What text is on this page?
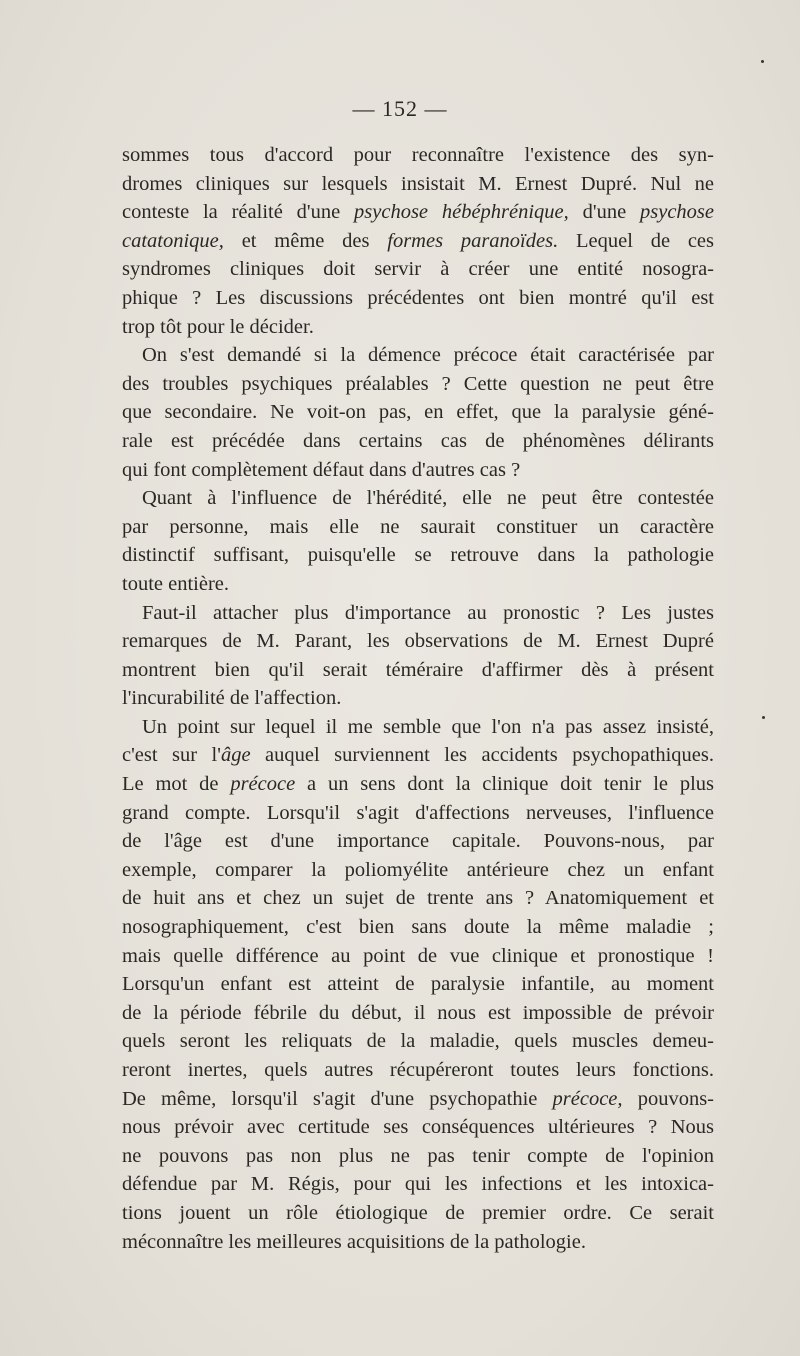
— 152 —
sommes tous d'accord pour reconnaître l'existence des syn-
dromes cliniques sur lesquels insistait M. Ernest Dupré. Nul ne
conteste la réalité d'une psychose hébéphrénique, d'une psychose
catatonique, et même des formes paranoïdes. Lequel de ces
syndromes cliniques doit servir à créer une entité nosogra-
phique ? Les discussions précédentes ont bien montré qu'il est
trop tôt pour le décider.
On s'est demandé si la démence précoce était caractérisée par
des troubles psychiques préalables ? Cette question ne peut être
que secondaire. Ne voit-on pas, en effet, que la paralysie géné-
rale est précédée dans certains cas de phénomènes délirants
qui font complètement défaut dans d'autres cas ?
Quant à l'influence de l'hérédité, elle ne peut être contestée
par personne, mais elle ne saurait constituer un caractère
distinctif suffisant, puisqu'elle se retrouve dans la pathologie
toute entière.
Faut-il attacher plus d'importance au pronostic ? Les justes
remarques de M. Parant, les observations de M. Ernest Dupré
montrent bien qu'il serait téméraire d'affirmer dès à présent
l'incurabilité de l'affection.
Un point sur lequel il me semble que l'on n'a pas assez insisté,
c'est sur l'âge auquel surviennent les accidents psychopathiques.
Le mot de précoce a un sens dont la clinique doit tenir le plus
grand compte. Lorsqu'il s'agit d'affections nerveuses, l'influence
de l'âge est d'une importance capitale. Pouvons-nous, par
exemple, comparer la poliomyélite antérieure chez un enfant
de huit ans et chez un sujet de trente ans ? Anatomiquement et
nosographiquement, c'est bien sans doute la même maladie ;
mais quelle différence au point de vue clinique et pronostique !
Lorsqu'un enfant est atteint de paralysie infantile, au moment
de la période fébrile du début, il nous est impossible de prévoir
quels seront les reliquats de la maladie, quels muscles demeu-
reront inertes, quels autres récupéreront toutes leurs fonctions.
De même, lorsqu'il s'agit d'une psychopathie précoce, pouvons-
nous prévoir avec certitude ses conséquences ultérieures ? Nous
ne pouvons pas non plus ne pas tenir compte de l'opinion
défendue par M. Régis, pour qui les infections et les intoxica-
tions jouent un rôle étiologique de premier ordre. Ce serait
méconnaître les meilleures acquisitions de la pathologie.
